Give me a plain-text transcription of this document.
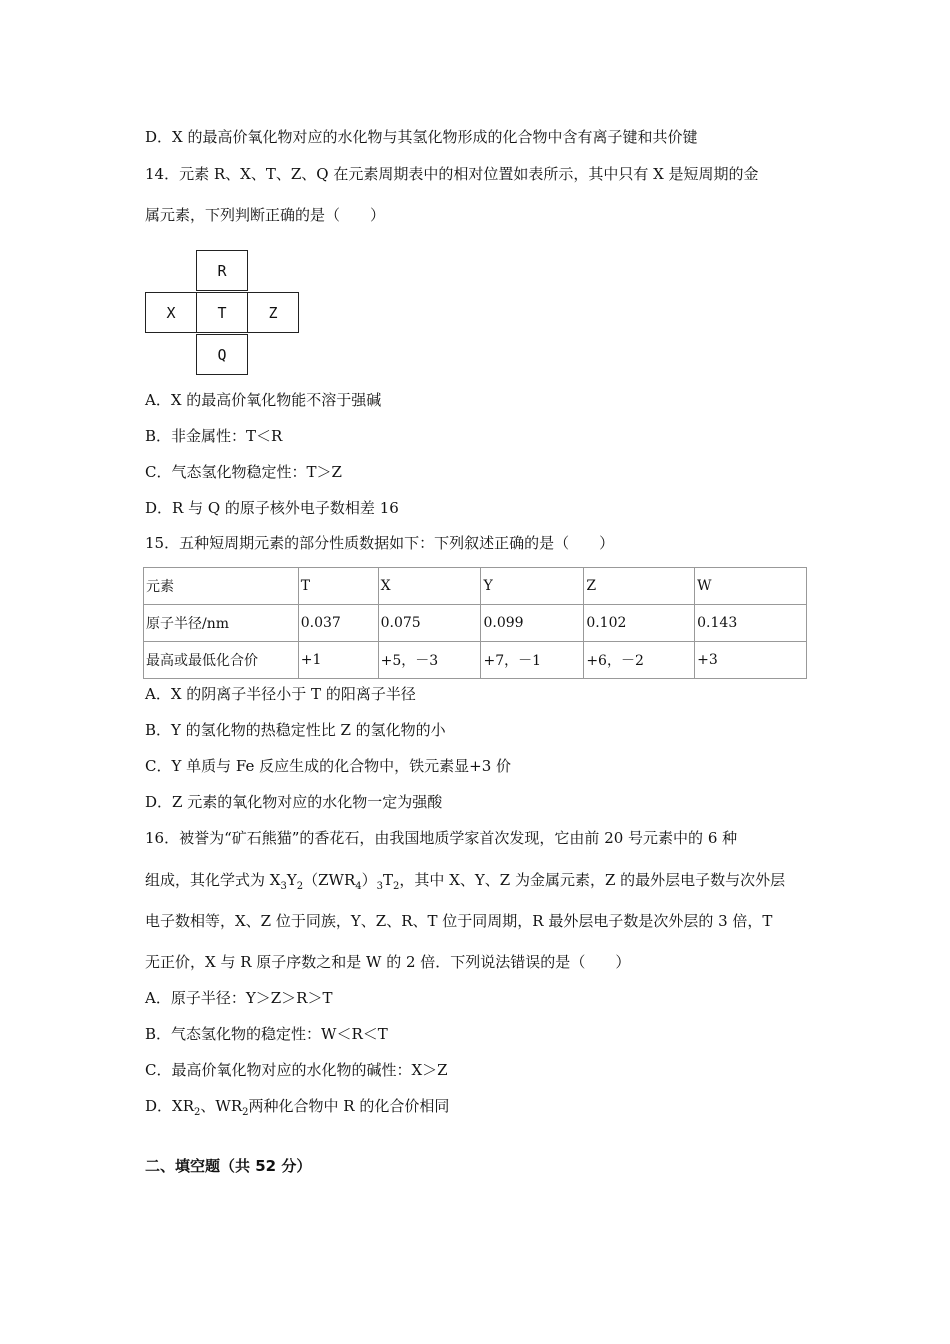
D．X 的最高价氧化物对应的水化物与其氢化物形成的化合物中含有离子键和共价键
14．元素 R、X、T、Z、Q 在元素周期表中的相对位置如表所示，其中只有 X 是短周期的金
属元素，下列判断正确的是（　　）
R
X	T	Z
Q
A．X 的最高价氧化物能不溶于强碱
B．非金属性：T＜R
C．气态氢化物稳定性：T＞Z
D．R 与 Q 的原子核外电子数相差 16
15．五种短周期元素的部分性质数据如下：下列叙述正确的是（　　）
元素	T	X	Y	Z	W
原子半径/nm	0.037	0.075	0.099	0.102	0.143
最高或最低化合价	+1	+5，－3	+7，－1	+6，－2	+3
A．X 的阴离子半径小于 T 的阳离子半径
B．Y 的氢化物的热稳定性比 Z 的氢化物的小
C．Y 单质与 Fe 反应生成的化合物中，铁元素显+3 价
D．Z 元素的氧化物对应的水化物一定为强酸
16．被誉为“矿石熊猫”的香花石，由我国地质学家首次发现，它由前 20 号元素中的 6 种
组成，其化学式为 $X_3Y_2(ZWR_4)_3T_2$，其中 X、Y、Z 为金属元素，Z 的最外层电子数与次外层
电子数相等，X、Z 位于同族，Y、Z、R、T 位于同周期，R 最外层电子数是次外层的 3 倍，T
无正价，X 与 R 原子序数之和是 W 的 2 倍．下列说法错误的是（　　）
A．原子半径：Y＞Z＞R＞T
B．气态氢化物的稳定性：W＜R＜T
C．最高价氧化物对应的水化物的碱性：X＞Z
D．$XR_2$、$WR_2$两种化合物中 R 的化合价相同
二、填空题（共 52 分）
